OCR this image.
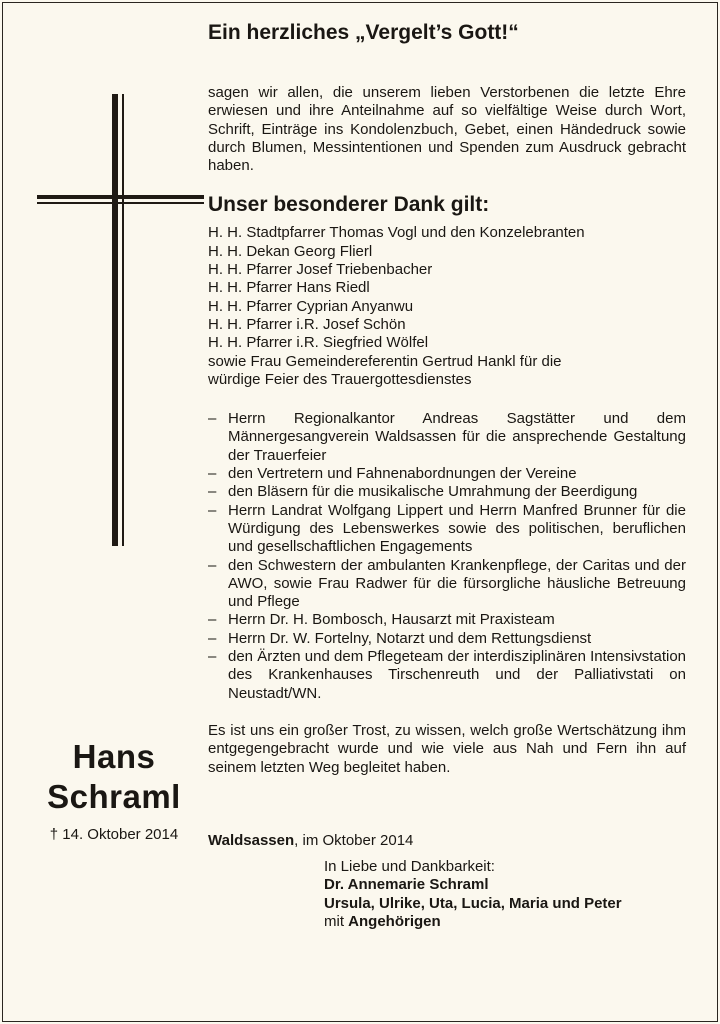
Hans
Schraml
† 14. Oktober 2014
Ein herzliches „Vergelt’s Gott!“

sagen wir allen, die unserem lieben Verstorbenen die letzte Ehre erwiesen und ihre Anteilnahme auf so vielfältige Weise durch Wort, Schrift, Einträge ins Kondolenzbuch, Gebet, einen Händedruck sowie durch Blumen, Messintentionen und Spenden zum Ausdruck gebracht haben.

Unser besonderer Dank gilt:
H. H. Stadtpfarrer Thomas Vogl und den Konzelebranten
H. H. Dekan Georg Flierl
H. H. Pfarrer Josef Triebenbacher
H. H. Pfarrer Hans Riedl
H. H. Pfarrer Cyprian Anyanwu
H. H. Pfarrer i.R. Josef Schön
H. H. Pfarrer i.R. Siegfried Wölfel
sowie Frau Gemeindereferentin Gertrud Hankl für die
würdige Feier des Trauergottesdienstes
– Herrn Regionalkantor Andreas Sagstätter und dem Männergesangverein Waldsassen für die ansprechende Gestaltung der Trauerfeier
– den Vertretern und Fahnenabordnungen der Vereine
– den Bläsern für die musikalische Umrahmung der Beerdigung
– Herrn Landrat Wolfgang Lippert und Herrn Manfred Brunner für die Würdigung des Lebenswerkes sowie des politischen, beruflichen und gesellschaftlichen Engagements
– den Schwestern der ambulanten Krankenpflege, der Caritas und der AWO, sowie Frau Radwer für die fürsorgliche häusliche Betreuung und Pflege
– Herrn Dr. H. Bombosch, Hausarzt mit Praxisteam
– Herrn Dr. W. Fortelny, Notarzt und dem Rettungsdienst
– den Ärzten und dem Pflegeteam der interdisziplinären Intensivstation des Krankenhauses Tirschenreuth und der Palliativstati on Neustadt/WN.

Es ist uns ein großer Trost, zu wissen, welch große Wertschätzung ihm entgegengebracht wurde und wie viele aus Nah und Fern ihn auf seinem letzten Weg begleitet haben.

Waldsassen, im Oktober 2014
In Liebe und Dankbarkeit:
Dr. Annemarie Schraml
Ursula, Ulrike, Uta, Lucia, Maria und Peter
mit Angehörigen
